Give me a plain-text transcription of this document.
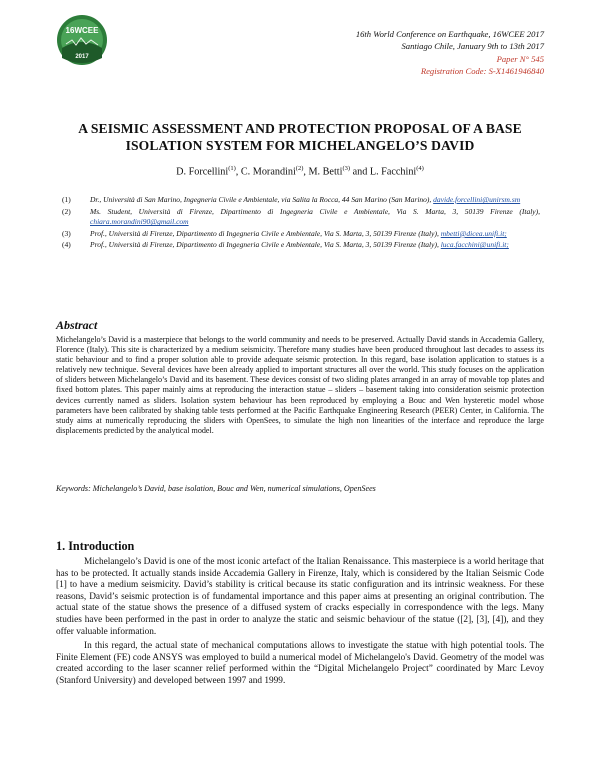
16WCEE
2017
16th World Conference on Earthquake, 16WCEE 2017
Santiago Chile, January 9th to 13th 2017
Paper N° 545
Registration Code: S-X1461946840
A SEISMIC ASSESSMENT AND PROTECTION PROPOSAL OF A BASE
ISOLATION SYSTEM FOR MICHELANGELO’S DAVID
D. Forcellini$^{(1)}$, C. Morandini$^{(2)}$, M. Betti$^{(3)}$ and L. Facchini$^{(4)}$
(1)	Dr., Università di San Marino, Ingegneria Civile e Ambientale, via Salita la Rocca, 44 San Marino (San Marino), davide.forcellini@unirsm.sm
(2)	Ms. Student, Università di Firenze, Dipartimento di Ingegneria Civile e Ambientale, Via S. Marta, 3, 50139 Firenze (Italy), chiara.morandini90@gmail.com
(3)	Prof., Università di Firenze, Dipartimento di Ingegneria Civile e Ambientale, Via S. Marta, 3, 50139 Firenze (Italy), mbetti@dicea.unifi.it;
(4)	Prof., Università di Firenze, Dipartimento di Ingegneria Civile e Ambientale, Via S. Marta, 3, 50139 Firenze (Italy), luca.facchini@unifi.it;
Abstract
Michelangelo’s David is a masterpiece that belongs to the world community and needs to be preserved. Actually David stands in Accademia Gallery, Florence (Italy). This site is characterized by a medium seismicity. Therefore many studies have been produced throughout last decades to assess its static behaviour and to find a proper solution able to provide adequate seismic protection. In this regard, base isolation application to statues is a relatively new technique. Several devices have been already applied to important structures all over the world. This study focuses on the application of sliders between Michelangelo’s David and its basement. These devices consist of two sliding plates arranged in an array of movable top plates and fixed bottom plates. This paper mainly aims at reproducing the interaction statue – sliders – basement taking into consideration seismic protection devices currently named as sliders. Isolation system behaviour has been reproduced by employing a Bouc and Wen hysteretic model whose parameters have been calibrated by shaking table tests performed at the Pacific Earthquake Engineering Research (PEER) Center, in California. The study aims at numerically reproducing the sliders with OpenSees, to simulate the high non linearities of the interface and reproduce the large displacements predicted by the analytical model.
Keywords: Michelangelo’s David, base isolation, Bouc and Wen, numerical simulations, OpenSees
1. Introduction

Michelangelo’s David is one of the most iconic artefact of the Italian Renaissance. This masterpiece is a world heritage that has to be protected. It actually stands inside Accademia Gallery in Firenze, Italy, which is considered by the Italian Seismic Code [1] to have a medium seismicity. David’s stability is critical because its static configuration and its intrinsic weakness. For these reasons, David’s seismic protection is of fundamental importance and this paper aims at presenting an original contribution. The actual state of the statue shows the presence of a diffused system of cracks especially in correspondence with the legs. Many studies have been performed in the past in order to analyze the static and seismic behaviour of the statue ([2], [3], [4]), and they offer valuable information.

In this regard, the actual state of mechanical computations allows to investigate the statue with high potential tools. The Finite Element (FE) code ANSYS was employed to build a numerical model of Michelangelo's David. Geometry of the model was created according to the laser scanner relief performed within the “Digital Michelangelo Project” coordinated by Marc Levoy (Stanford University) and developed between 1997 and 1999.
